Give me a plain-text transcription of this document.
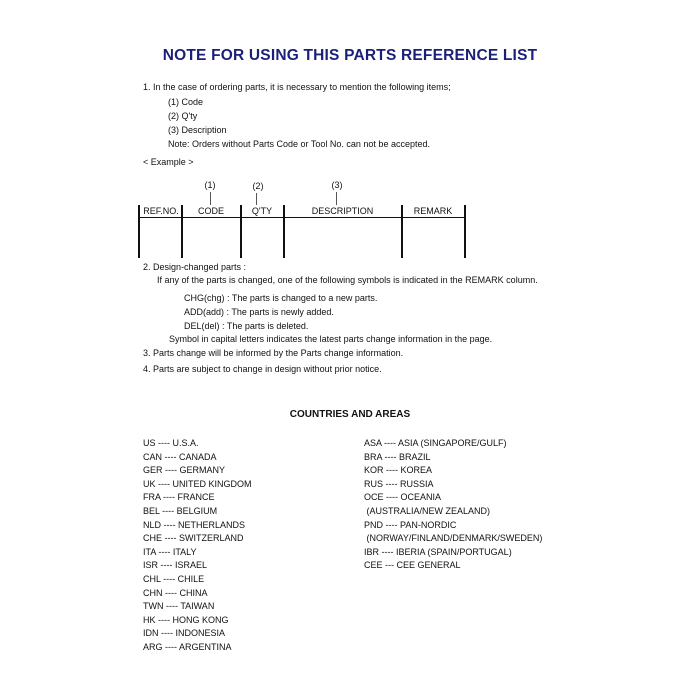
NOTE FOR USING THIS PARTS REFERENCE LIST
1. In the case of ordering parts, it is necessary to mention the following items;
(1) Code
(2) Q'ty
(3) Description
Note: Orders without Parts Code or Tool No. can not be accepted.
< Example >
(1)	(2)	(3)
REF.NO.	CODE	Q'TY	DESCRIPTION	REMARK
2. Design-changed parts :
If any of the parts is changed, one of the following symbols is indicated in the REMARK column.
CHG(chg) : The parts is changed to a new parts.
ADD(add) : The parts is newly added.
DEL(del) : The parts is deleted.
Symbol in capital letters indicates the latest parts change information in the page.
3. Parts change will be informed by the Parts change information.
4. Parts are subject to change in design without prior notice.
COUNTRIES AND AREAS
US ---- U.S.A.
CAN ---- CANADA
GER ---- GERMANY
UK ---- UNITED KINGDOM
FRA ---- FRANCE
BEL ---- BELGIUM
NLD ---- NETHERLANDS
CHE ---- SWITZERLAND
ITA ---- ITALY
ISR ---- ISRAEL
CHL ---- CHILE
CHN ---- CHINA
TWN ---- TAIWAN
HK ---- HONG KONG
IDN ---- INDONESIA
ARG ---- ARGENTINA
ASA ---- ASIA (SINGAPORE/GULF)
BRA ---- BRAZIL
KOR ---- KOREA
RUS ---- RUSSIA
OCE ---- OCEANIA
(AUSTRALIA/NEW ZEALAND)
PND ---- PAN-NORDIC
(NORWAY/FINLAND/DENMARK/SWEDEN)
IBR ---- IBERIA (SPAIN/PORTUGAL)
CEE --- CEE GENERAL
